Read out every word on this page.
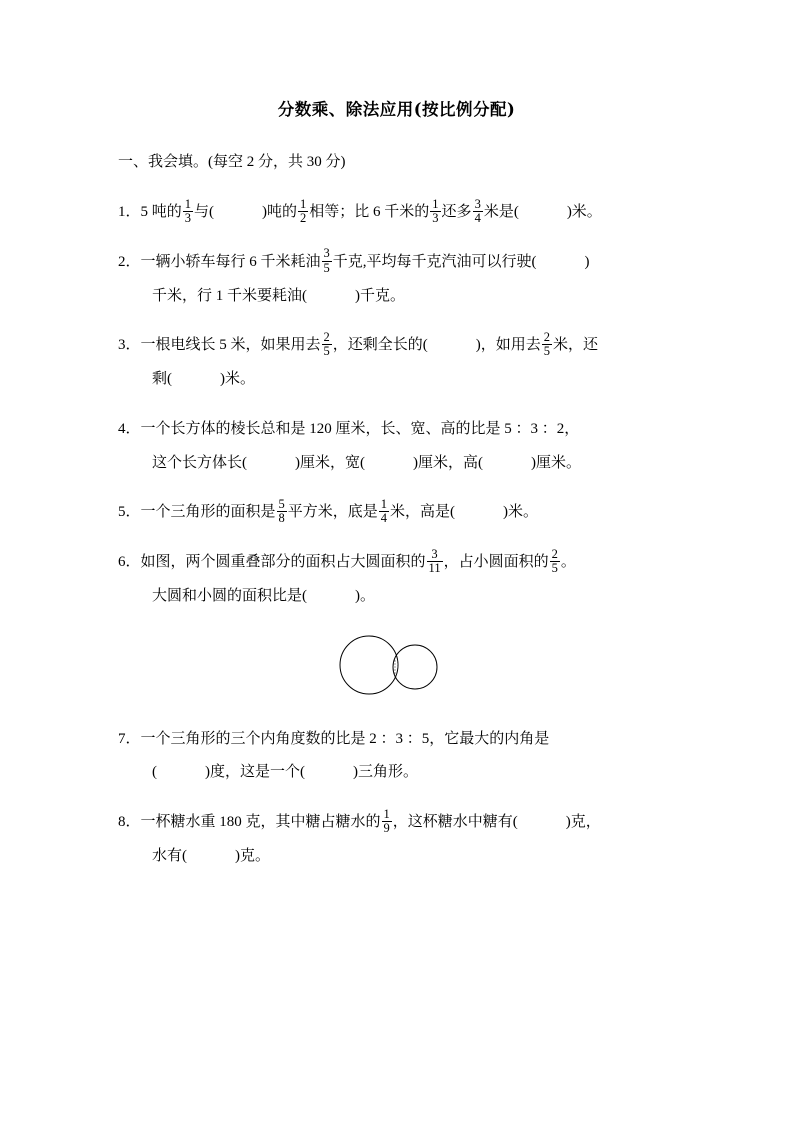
分数乘、除法应用(按比例分配)
一、我会填。(每空 2 分，共 30 分)
1．5 吨的 $\frac{1}{3}$ 与(	)吨的 $\frac{1}{2}$ 相等；比 6 千米的 $\frac{1}{3}$ 还多 $\frac{3}{4}$ 米是(	)米。
2．一辆小轿车每行 6 千米耗油 $\frac{3}{5}$ 千克,平均每千克汽油可以行驶(	)
千米，行 1 千米要耗油(	)千克。
3．一根电线长 5 米，如果用去 $\frac{2}{5}$ ，还剩全长的(	)，如用去 $\frac{2}{5}$ 米，还
剩(	)米。
4．一个长方体的棱长总和是 120 厘米，长、宽、高的比是 5 ：3 ：2，
这个长方体长(	)厘米，宽(	)厘米，高(	)厘米。
5．一个三角形的面积是 $\frac{5}{8}$ 平方米，底是 $\frac{1}{4}$ 米，高是(	)米。
6．如图，两个圆重叠部分的面积占大圆面积的 $\frac{3}{11}$ ，占小圆面积的 $\frac{2}{5}$ 。
大圆和小圆的面积比是(	)。
7．一个三角形的三个内角度数的比是 2 ：3 ：5，它最大的内角是
(	)度，这是一个(	)三角形。
8．一杯糖水重 180 克，其中糖占糖水的 $\frac{1}{9}$ ，这杯糖水中糖有(	)克，
水有(	)克。
